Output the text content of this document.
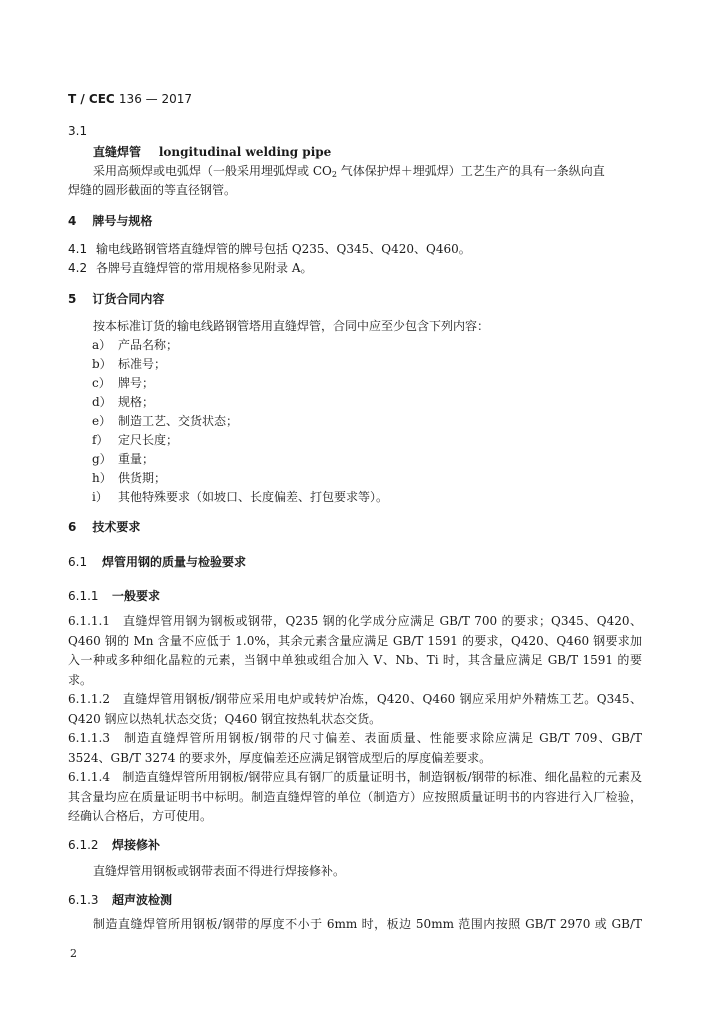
T / CEC 136 — 2017
3.1
直缝焊管 longitudinal welding pipe
采用高频焊或电弧焊（一般采用埋弧焊或 $CO_2$ 气体保护焊＋埋弧焊）工艺生产的具有一条纵向直
焊缝的圆形截面的等直径钢管。
4 牌号与规格
4.1 输电线路钢管塔直缝焊管的牌号包括 Q235、Q345、Q420、Q460。
4.2 各牌号直缝焊管的常用规格参见附录 A。
5 订货合同内容
按本标准订货的输电线路钢管塔用直缝焊管，合同中应至少包含下列内容：
a） 产品名称；
b） 标准号；
c） 牌号；
d） 规格；
e） 制造工艺、交货状态；
f） 定尺长度；
g） 重量；
h） 供货期；
i） 其他特殊要求（如坡口、长度偏差、打包要求等）。
6 技术要求
6.1 焊管用钢的质量与检验要求
6.1.1 一般要求
6.1.1.1　直缝焊管用钢为钢板或钢带，Q235 钢的化学成分应满足 GB/T 700 的要求；Q345、Q420、Q460 钢的 Mn 含量不应低于 1.0%，其余元素含量应满足 GB/T 1591 的要求，Q420、Q460 钢要求加入一种或多种细化晶粒的元素，当钢中单独或组合加入 V、Nb、Ti 时，其含量应满足 GB/T 1591 的要求。
6.1.1.2　直缝焊管用钢板/钢带应采用电炉或转炉冶炼，Q420、Q460 钢应采用炉外精炼工艺。Q345、Q420 钢应以热轧状态交货；Q460 钢宜按热轧状态交货。
6.1.1.3　制造直缝焊管所用钢板/钢带的尺寸偏差、表面质量、性能要求除应满足 GB/T 709、GB/T 3524、GB/T 3274 的要求外，厚度偏差还应满足钢管成型后的厚度偏差要求。
6.1.1.4　制造直缝焊管所用钢板/钢带应具有钢厂的质量证明书，制造钢板/钢带的标准、细化晶粒的元素及其含量均应在质量证明书中标明。制造直缝焊管的单位（制造方）应按照质量证明书的内容进行入厂检验，经确认合格后，方可使用。
6.1.2 焊接修补
直缝焊管用钢板或钢带表面不得进行焊接修补。
6.1.3 超声波检测
制造直缝焊管所用钢板/钢带的厚度不小于 6mm 时，板边 50mm 范围内按照 GB/T 2970 或 GB/T
2
